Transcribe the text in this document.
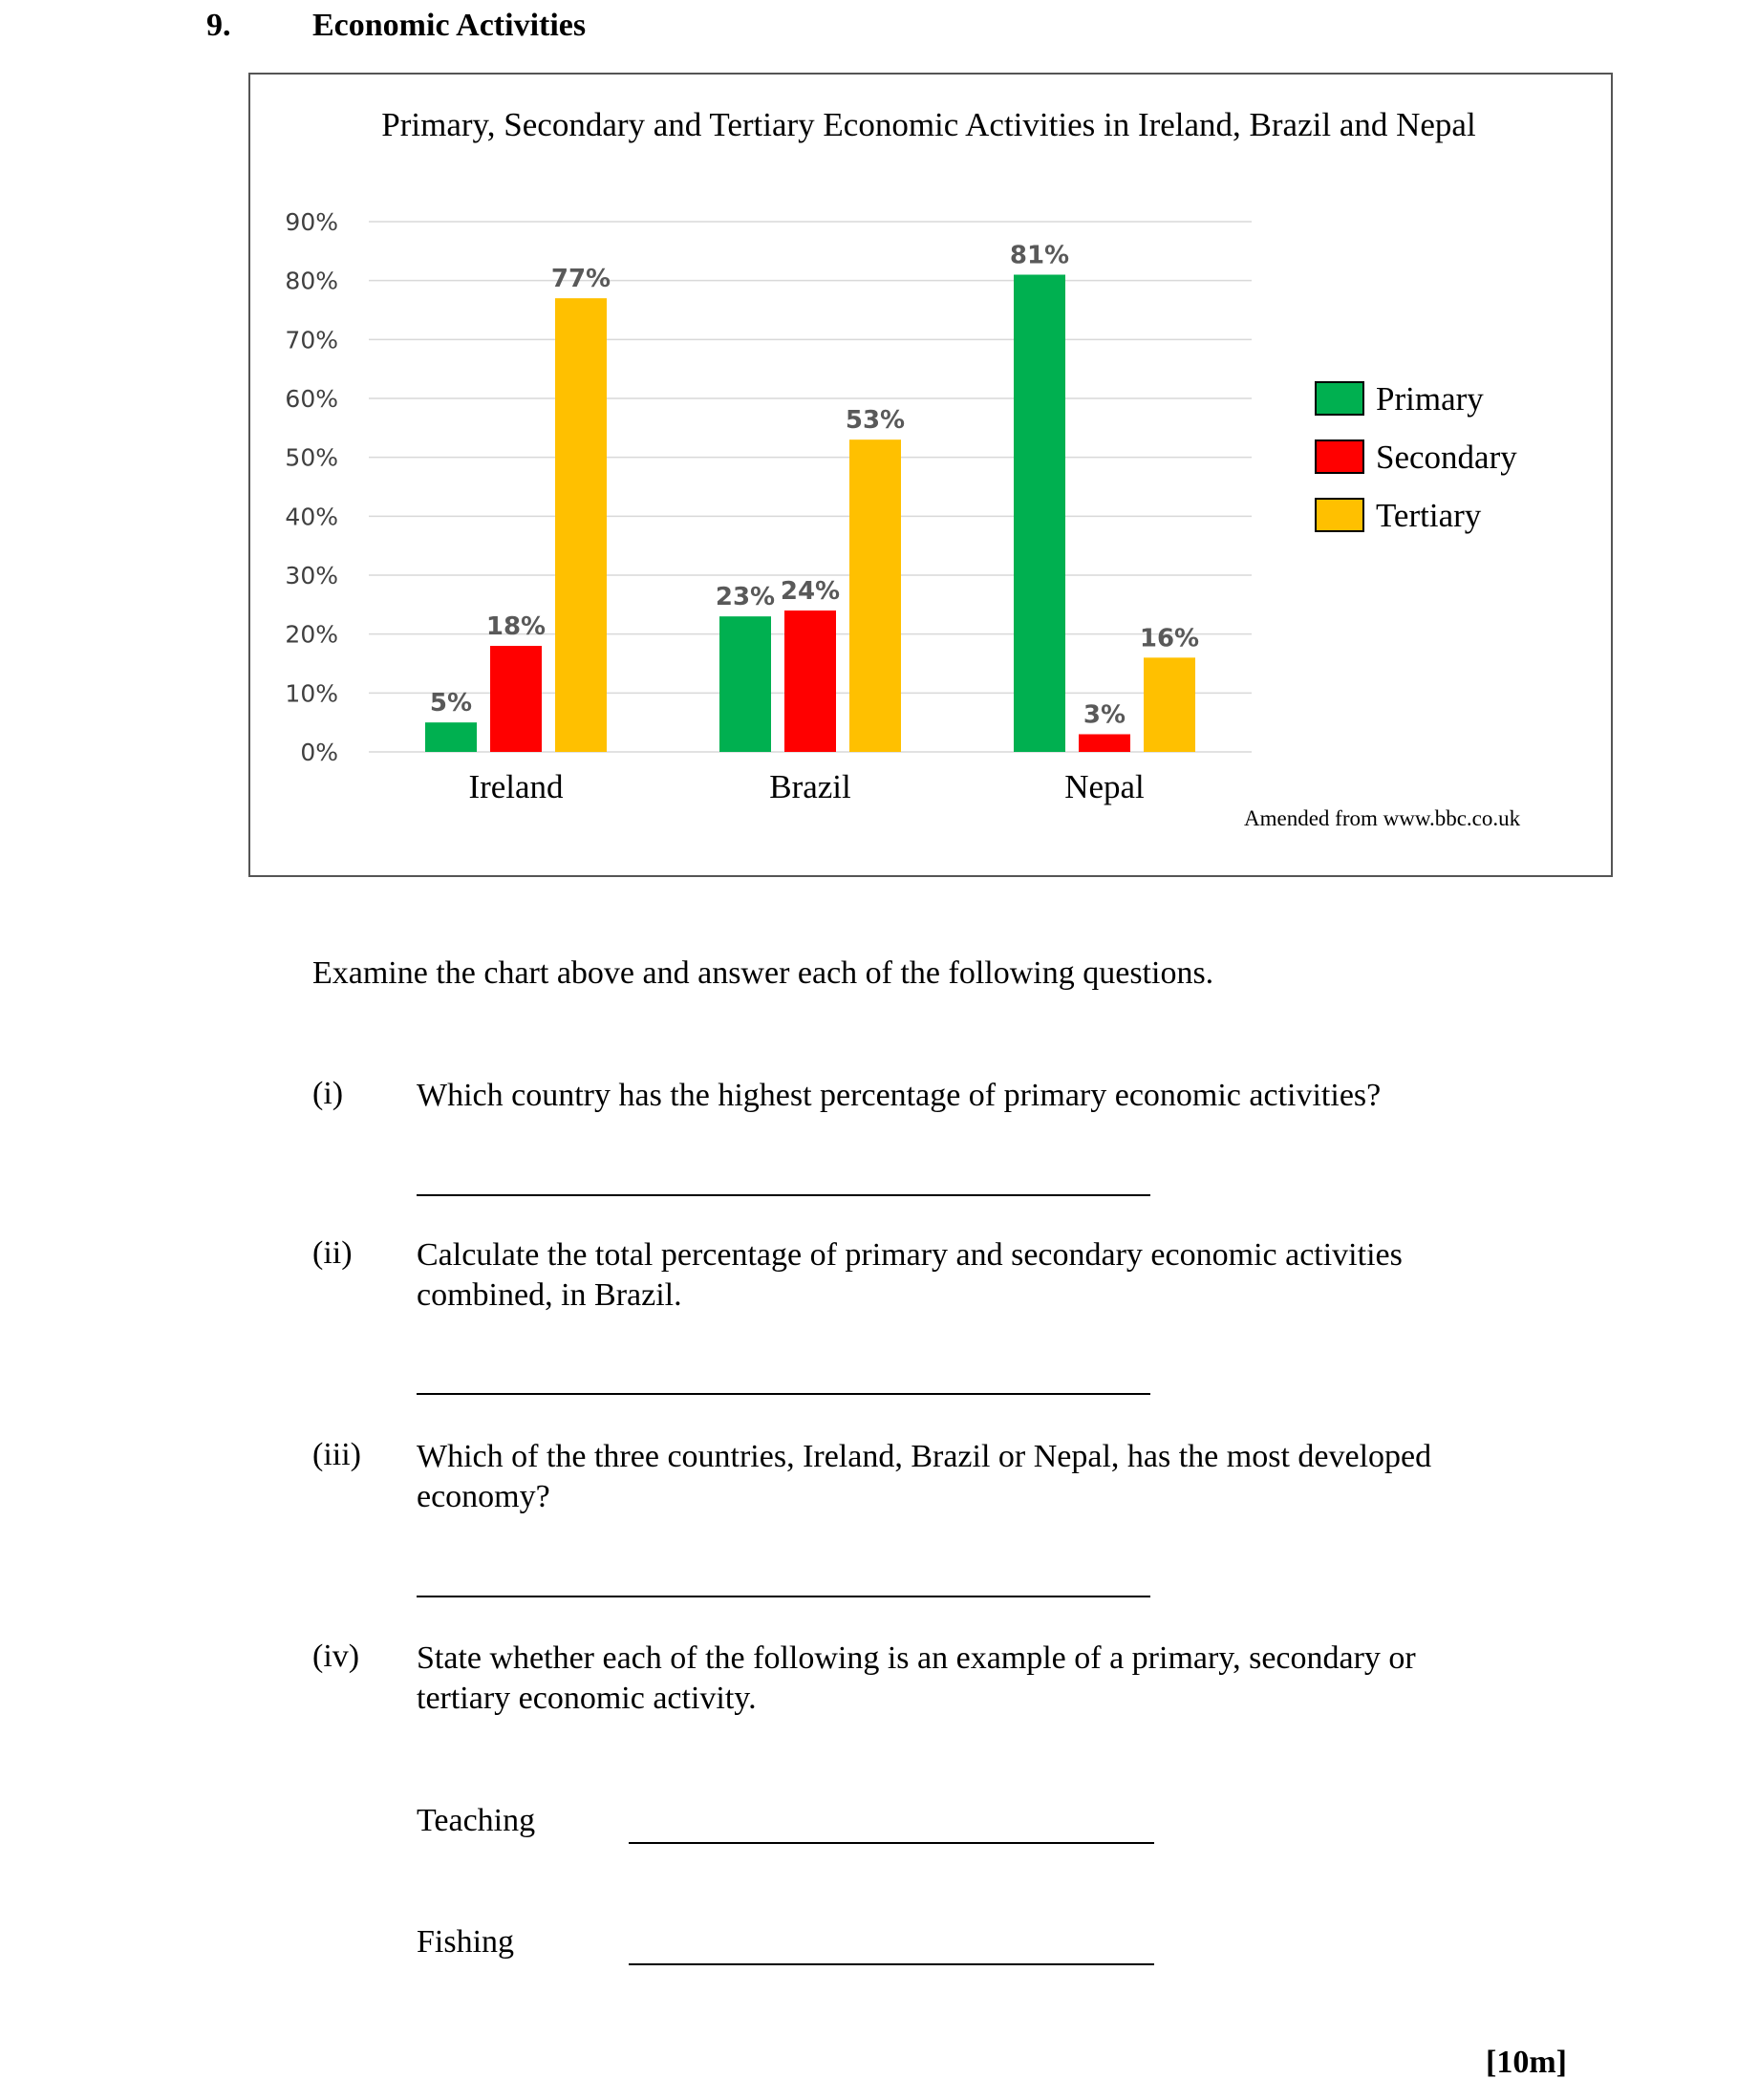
9.	Economic Activities
Primary, Secondary and Tertiary Economic Activities in Ireland, Brazil and Nepal
0%
10%
20%
30%
40%
50%
60%
70%
80%
90%
5%
18%
77%
23% 24%
53%
81%
3%
16%
Ireland	Brazil	Nepal
Primary
Secondary
Tertiary
Amended from www.bbc.co.uk
Examine the chart above and answer each of the following questions.
(i) Which country has the highest percentage of primary economic activities?
(ii) Calculate the total percentage of primary and secondary economic activities
combined, in Brazil.
(iii) Which of the three countries, Ireland, Brazil or Nepal, has the most developed
economy?
(iv) State whether each of the following is an example of a primary, secondary or
tertiary economic activity.
Teaching
Fishing
[10m]
